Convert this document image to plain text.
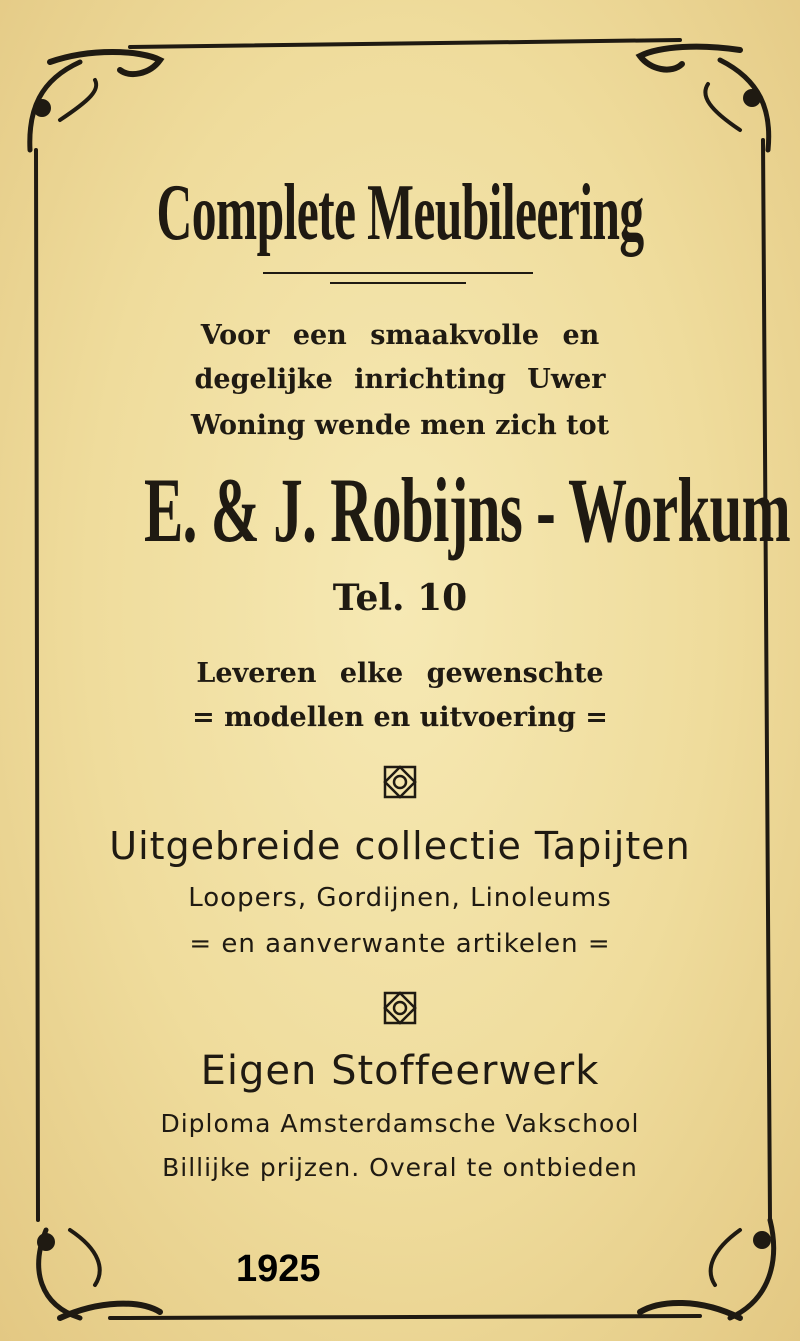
Complete Meubileering

Voor een smaakvolle en

degelijke inrichting Uwer

Woning wende men zich tot

E. & J. Robijns - Workum

Tel. 10

Leveren elke gewenschte

= modellen en uitvoering =

Uitgebreide collectie Tapijten

Loopers, Gordijnen, Linoleums

= en aanverwante artikelen =

Eigen Stoffeerwerk

Diploma Amsterdamsche Vakschool

Billijke prijzen. Overal te ontbieden

1925
